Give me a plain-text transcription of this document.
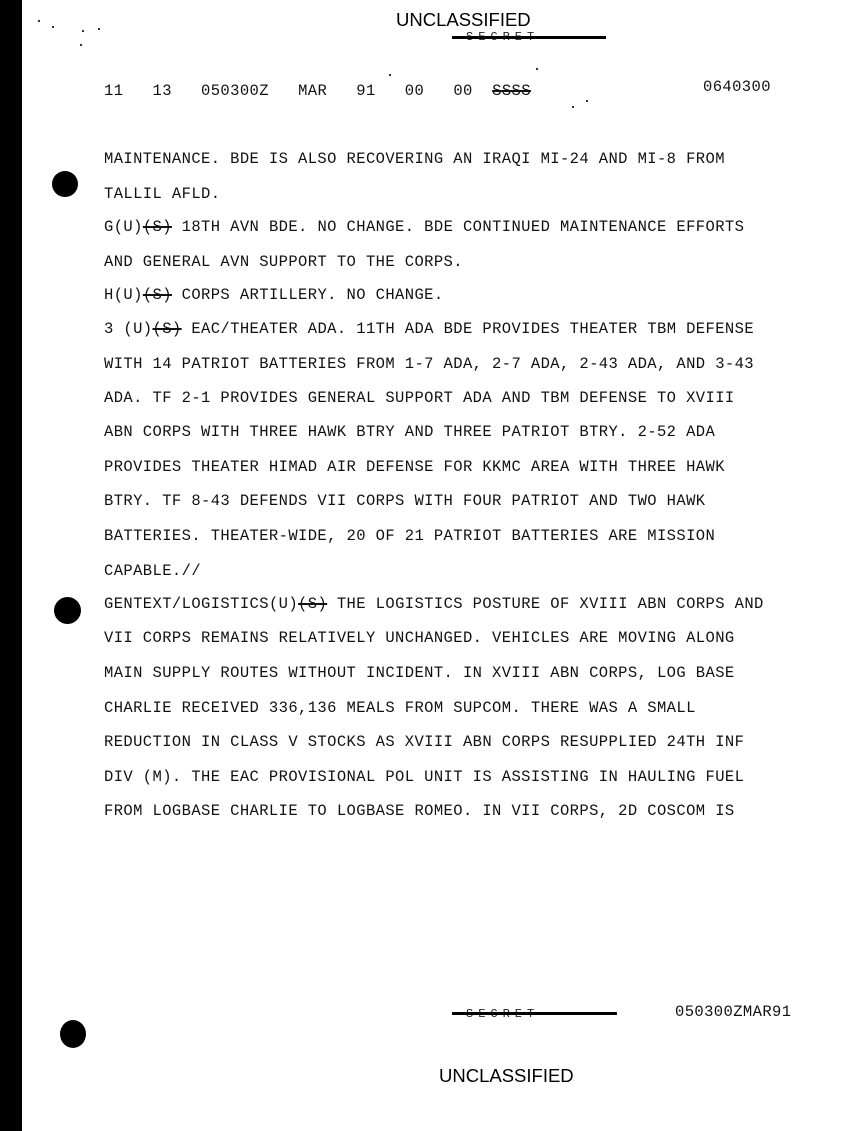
UNCLASSIFIED
11 13 050300Z MAR 91 00 00 SSSS	0640300
MAINTENANCE. BDE IS ALSO RECOVERING AN IRAQI MI-24 AND MI-8 FROM
TALLIL AFLD.
G(U)(S) 18TH AVN BDE. NO CHANGE. BDE CONTINUED MAINTENANCE EFFORTS
AND GENERAL AVN SUPPORT TO THE CORPS.
H(U)(S) CORPS ARTILLERY. NO CHANGE.
3 (U)(S) EAC/THEATER ADA. 11TH ADA BDE PROVIDES THEATER TBM DEFENSE
WITH 14 PATRIOT BATTERIES FROM 1-7 ADA, 2-7 ADA, 2-43 ADA, AND 3-43
ADA. TF 2-1 PROVIDES GENERAL SUPPORT ADA AND TBM DEFENSE TO XVIII
ABN CORPS WITH THREE HAWK BTRY AND THREE PATRIOT BTRY. 2-52 ADA
PROVIDES THEATER HIMAD AIR DEFENSE FOR KKMC AREA WITH THREE HAWK
BTRY. TF 8-43 DEFENDS VII CORPS WITH FOUR PATRIOT AND TWO HAWK
BATTERIES. THEATER-WIDE, 20 OF 21 PATRIOT BATTERIES ARE MISSION
CAPABLE.//
GENTEXT/LOGISTICS(U)(S) THE LOGISTICS POSTURE OF XVIII ABN CORPS AND
VII CORPS REMAINS RELATIVELY UNCHANGED. VEHICLES ARE MOVING ALONG
MAIN SUPPLY ROUTES WITHOUT INCIDENT. IN XVIII ABN CORPS, LOG BASE
CHARLIE RECEIVED 336,136 MEALS FROM SUPCOM. THERE WAS A SMALL
REDUCTION IN CLASS V STOCKS AS XVIII ABN CORPS RESUPPLIED 24TH INF
DIV (M). THE EAC PROVISIONAL POL UNIT IS ASSISTING IN HAULING FUEL
FROM LOGBASE CHARLIE TO LOGBASE ROMEO. IN VII CORPS, 2D COSCOM IS
050300ZMAR91
UNCLASSIFIED
